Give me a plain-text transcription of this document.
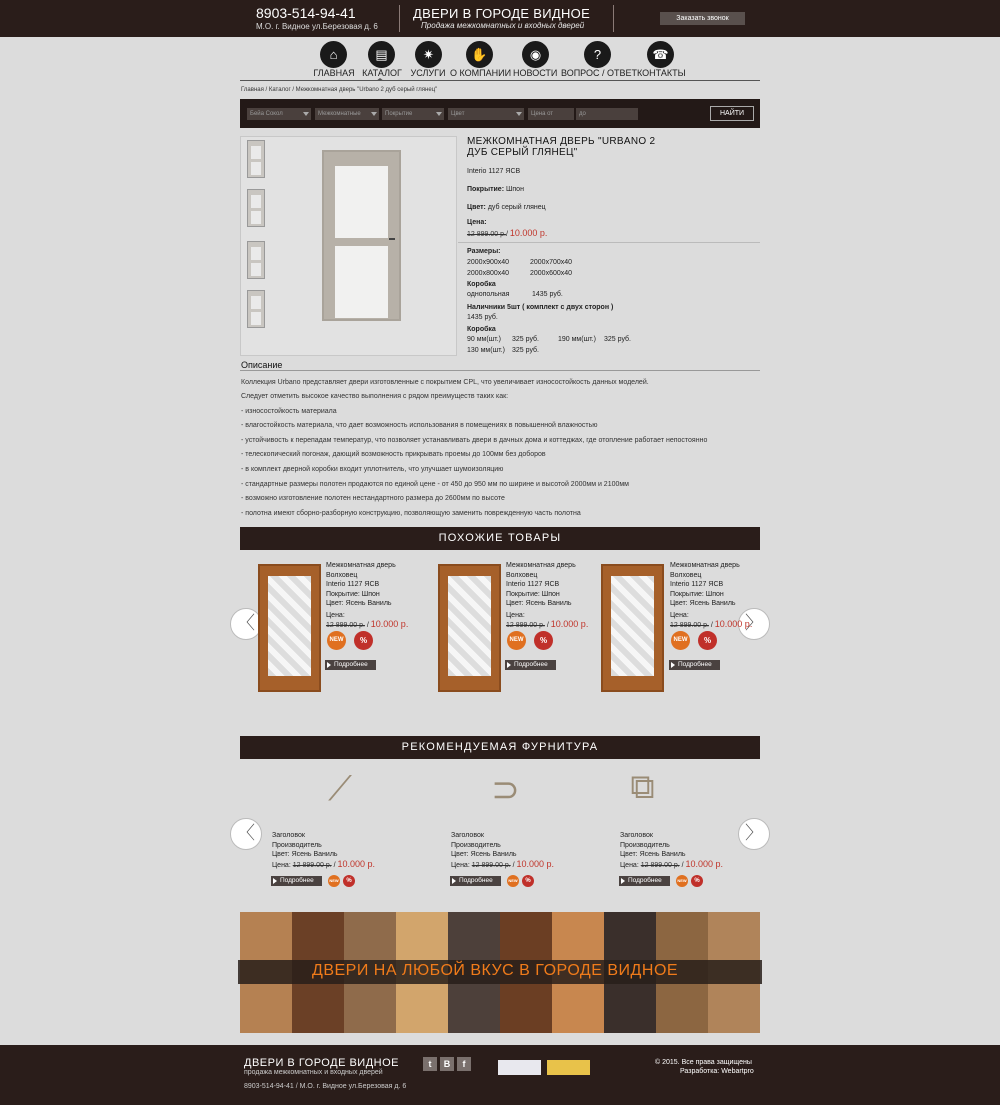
8903-514-94-41
М.О. г. Видное ул.Березовая д. 6
ДВЕРИ В ГОРОДЕ ВИДНОЕ
Продажа межкомнатных и входных дверей
Заказать звонок
⌂
ГЛАВНАЯ
▤
КАТАЛОГ
✷
УСЛУГИ
✋
О КОМПАНИИ
◉
НОВОСТИ
?
ВОПРОС / ОТВЕТ
☎
КОНТАКТЫ
Главная / Каталог / Межкомнатная дверь "Urbano 2 дуб серый глянец"
Бейа Сокол	Межкомнатные	Покрытие	Цвет	Цена от	до	НАЙТИ
МЕЖКОМНАТНАЯ ДВЕРЬ "URBANO 2 ДУБ СЕРЫЙ ГЛЯНЕЦ"
Interio 1127 ЯСВ
Покрытие: Шпон
Цвет: дуб серый глянец
Цена:
12 899.00 р./ 10.000 р.
Размеры:
2000х900х40	2000х700х40
2000х800х40	2000х600х40
Коробка
однопольная	1435 руб.
Наличники 5шт ( комплект с двух сторон )
1435 руб.
Коробка
90 мм(шт.) 325 руб.	190 мм(шт.) 325 руб.
130 мм(шт.) 325 руб.
Описание
Коллекция Urbano представляет двери изготовленные с покрытием CPL, что увеличивает износостойкость данных моделей.
Следует отметить высокое качество выполнения с рядом преимуществ таких как:
- износостойкость материала
- влагостойкость материала, что дает возможность использования в помещениях в повышенной влажностью
- устойчивость к перепадам температур, что позволяет устанавливать двери в дачных дома и коттеджах, где отопление работает непостоянно
- телескопический погонаж, дающий возможность прикрывать проемы до 100мм без доборов
- в комплект дверной коробки входит уплотнитель, что улучшает шумоизоляцию
- стандартные размеры полотен продаются по единой цене - от 450 до 950 мм по ширине и высотой 2000мм и 2100мм
- возможно изготовление полотен нестандартного размера до 2600мм по высоте
- полотна имеют сборно-разборную конструкцию, позволяющую заменить поврежденную часть полотна
ПОХОЖИЕ ТОВАРЫ
〈	〉
Межкомнатная дверь Волховец
Interio 1127 ЯСВ
Покрытие: Шпон
Цвет: Ясень Ваниль
Цена:
12 899.00 р. / 10.000 р.
NEW	%
Подробнее
Межкомнатная дверь Волховец
Interio 1127 ЯСВ
Покрытие: Шпон
Цвет: Ясень Ваниль
Цена:
12 899.00 р. / 10.000 р.
NEW	%
Подробнее
Межкомнатная дверь Волховец
Interio 1127 ЯСВ
Покрытие: Шпон
Цвет: Ясень Ваниль
Цена:
12 899.00 р. / 10.000 р.
NEW	%
Подробнее
РЕКОМЕНДУЕМАЯ ФУРНИТУРА
〈	〉
⟋
Заголовок
Производитель
Цвет: Ясень Ваниль
Цена: 12 899.00 р. / 10.000 р.
Подробнее	NEW	%
⊃
Заголовок
Производитель
Цвет: Ясень Ваниль
Цена: 12 899.00 р. / 10.000 р.
Подробнее	NEW	%
⧉
Заголовок
Производитель
Цвет: Ясень Ваниль
Цена: 12 899.00 р. / 10.000 р.
Подробнее	NEW	%
ДВЕРИ НА ЛЮБОЙ ВКУС В ГОРОДЕ ВИДНОЕ
ДВЕРИ В ГОРОДЕ ВИДНОЕ
продажа межкомнатных и входных дверей
8903-514-94-41 / М.О. г. Видное ул.Березовая д. 6
t	B	f	© 2015. Все права защищены
Разработка: Webartpro
